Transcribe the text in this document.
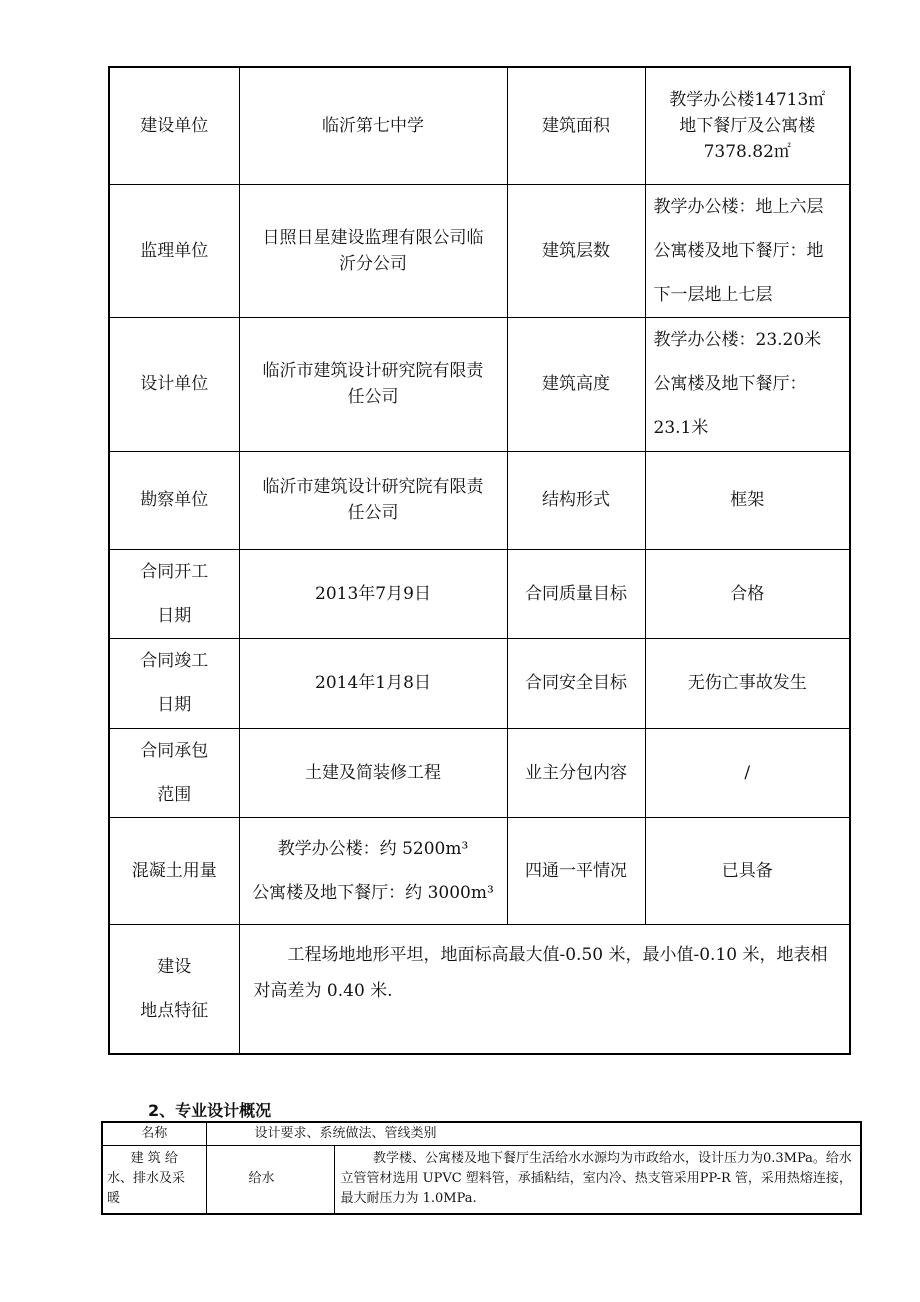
建设单位	临沂第七中学	建筑面积	教学办公楼14713㎡
地下餐厅及公寓楼
7378.82㎡

监理单位	日照日星建设监理有限公司临
沂分公司	建筑层数	教学办公楼：地上六层
公寓楼及地下餐厅：地
下一层地上七层

设计单位	临沂市建筑设计研究院有限责
任公司	建筑高度	教学办公楼：23.20米
公寓楼及地下餐厅：
23.1米

勘察单位	临沂市建筑设计研究院有限责
任公司	结构形式	框架

合同开工
日期	2013年7月9日	合同质量目标	合格

合同竣工
日期	2014年1月8日	合同安全目标	无伤亡事故发生

合同承包
范围	土建及简装修工程	业主分包内容	/

混凝土用量	教学办公楼：约 5200m³
公寓楼及地下餐厅：约 3000m³	四通一平情况	已具备

建设
地点特征	工程场地地形平坦，地面标高最大值-0.50 米，最小值-0.10 米，地表相对高差为 0.40 米.		
2、专业设计概况
名称	设计要求、系统做法、管线类别	

建 筑 给
水、排水及采
暖	给水	教学楼、公寓楼及地下餐厅生活给水水源均为市政给水，设计压力为0.3MPa。给水立管管材选用 UPVC 塑料管，承插粘结，室内冷、热支管采用PP-R 管，采用热熔连接，最大耐压力为 1.0MPa.
